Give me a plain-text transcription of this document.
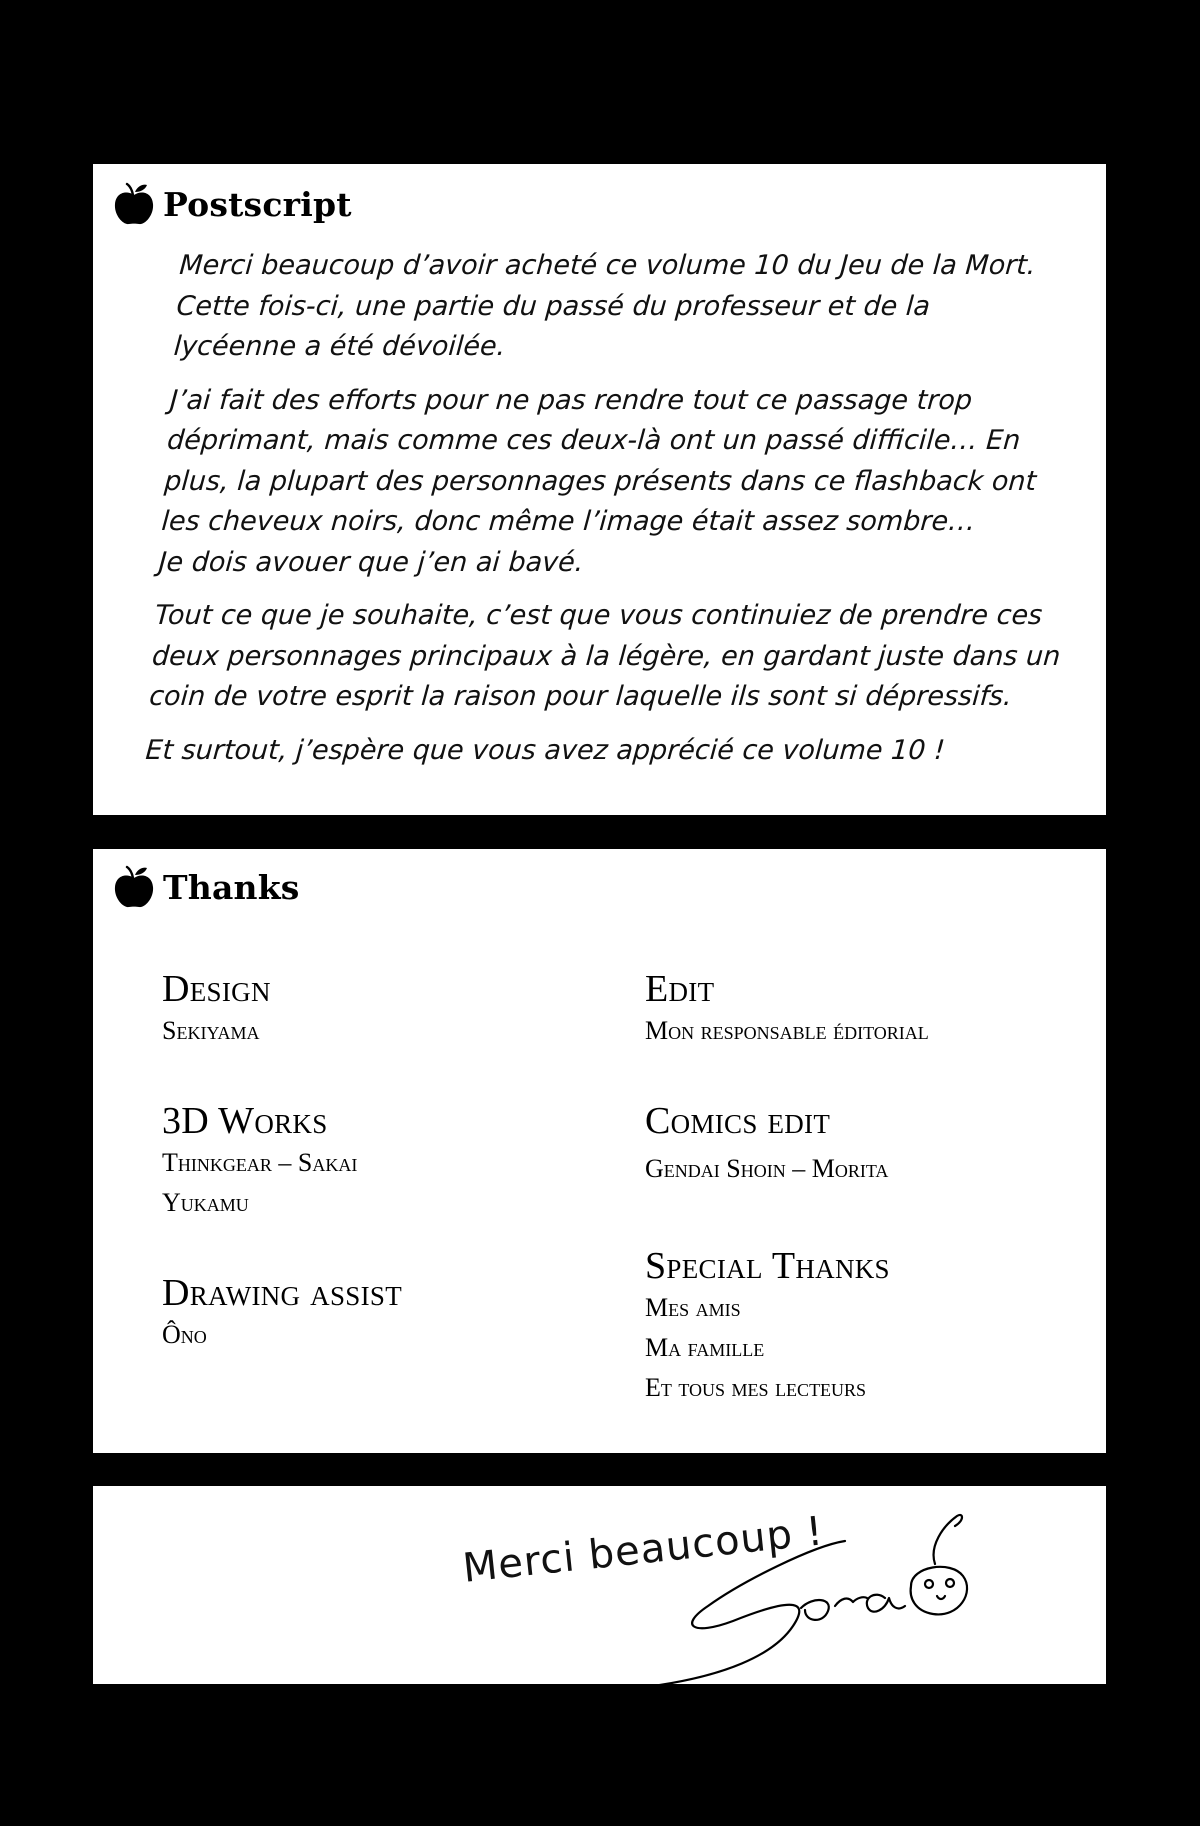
Postscript

Merci beaucoup d’avoir acheté ce volume 10 du Jeu de la Mort.
Cette fois-ci, une partie du passé du professeur et de la
lycéenne a été dévoilée.

J’ai fait des efforts pour ne pas rendre tout ce passage trop
déprimant, mais comme ces deux-là ont un passé difficile… En
plus, la plupart des personnages présents dans ce flashback ont
les cheveux noirs, donc même l’image était assez sombre…
Je dois avouer que j’en ai bavé.

Tout ce que je souhaite, c’est que vous continuiez de prendre ces
deux personnages principaux à la légère, en gardant juste dans un
coin de votre esprit la raison pour laquelle ils sont si dépressifs.

Et surtout, j’espère que vous avez apprécié ce volume 10 !

Thanks
Design
Sekiyama
3D Works
Thinkgear – Sakai
Yukamu
Drawing assist
Ôno
Edit
Mon responsable éditorial
Comics edit
Gendai Shoin – Morita
Special Thanks
Mes amis
Ma famille
Et tous mes lecteurs
Merci beaucoup !
